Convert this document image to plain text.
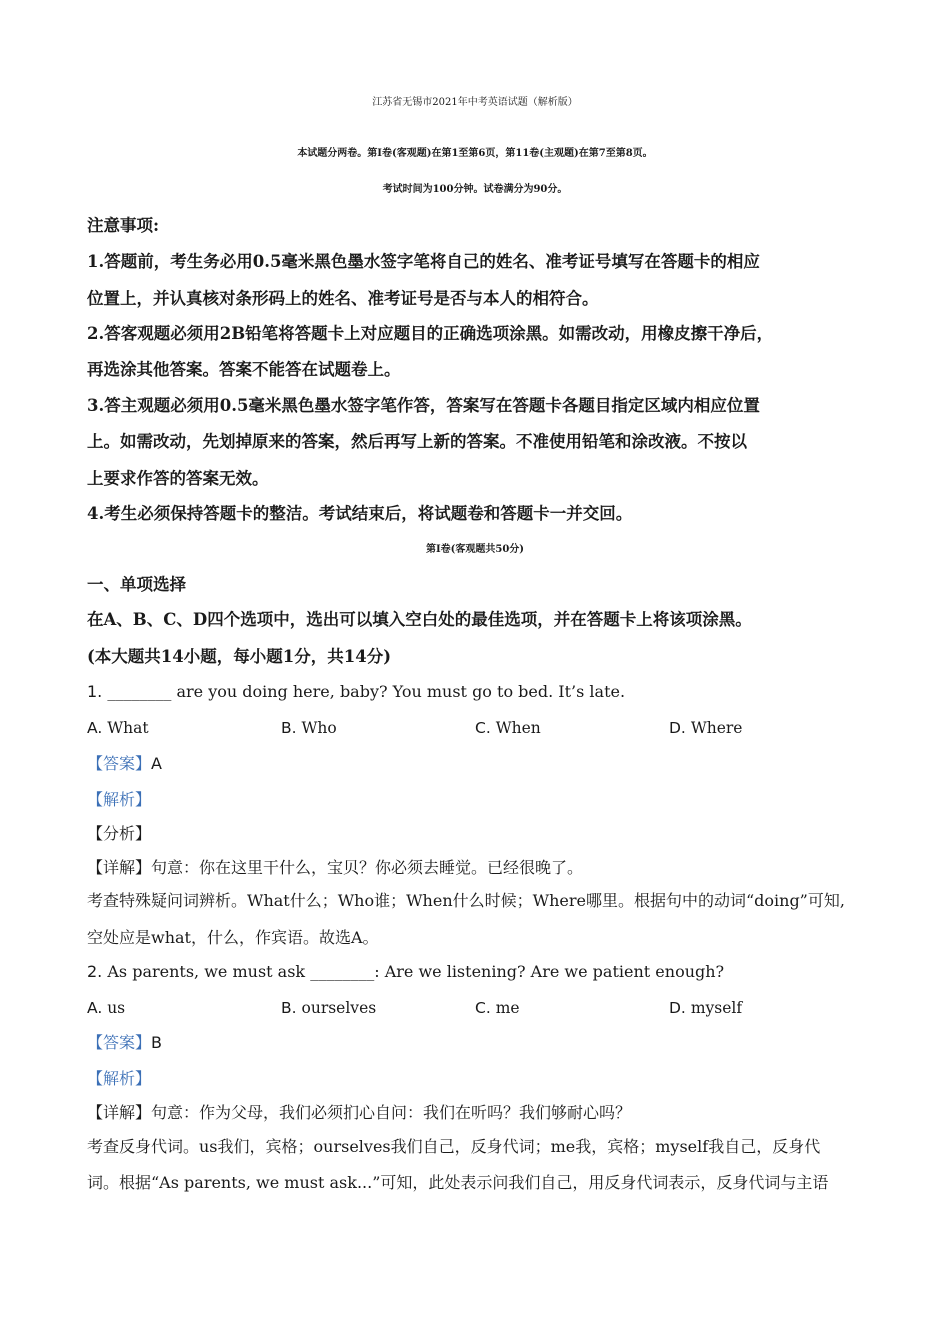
江苏省无锡市2021年中考英语试题（解析版）
本试题分两卷。第I卷(客观题)在第1至第6页，第11卷(主观题)在第7至第8页。
考试时间为100分钟。试卷满分为90分。
注意事项:
1.答题前，考生务必用0.5毫米黑色墨水签字笔将自己的姓名、准考证号填写在答题卡的相应
位置上，并认真核对条形码上的姓名、准考证号是否与本人的相符合。
2.答客观题必须用2B铅笔将答题卡上对应题目的正确选项涂黑。如需改动，用橡皮擦干净后，
再选涂其他答案。答案不能答在试题卷上。
3.答主观题必须用0.5毫米黑色墨水签字笔作答，答案写在答题卡各题目指定区域内相应位置
上。如需改动，先划掉原来的答案，然后再写上新的答案。不准使用铅笔和涂改液。不按以
上要求作答的答案无效。
4.考生必须保持答题卡的整洁。考试结束后，将试题卷和答题卡一并交回。
第I卷(客观题共50分)
一、单项选择
在A、B、C、D四个选项中，选出可以填入空白处的最佳选项，并在答题卡上将该项涂黑。
(本大题共14小题，每小题1分，共14分)
1. ________ are you doing here, baby? You must go to bed. It’s late.
A. What	B. Who	C. When	D. Where
【答案】A
【解析】
【分析】
【详解】句意：你在这里干什么，宝贝？你必须去睡觉。已经很晚了。
考查特殊疑问词辨析。What什么；Who谁；When什么时候；Where哪里。根据句中的动词“doing”可知,
空处应是what，什么，作宾语。故选A。
2. As parents, we must ask ________: Are we listening? Are we patient enough?
A. us	B. ourselves	C. me	D. myself
【答案】B
【解析】
【详解】句意：作为父母，我们必须扪心自问：我们在听吗？我们够耐心吗？
考查反身代词。us我们，宾格；ourselves我们自己，反身代词；me我，宾格；myself我自己，反身代
词。根据“As parents, we must ask...”可知，此处表示问我们自己，用反身代词表示，反身代词与主语
